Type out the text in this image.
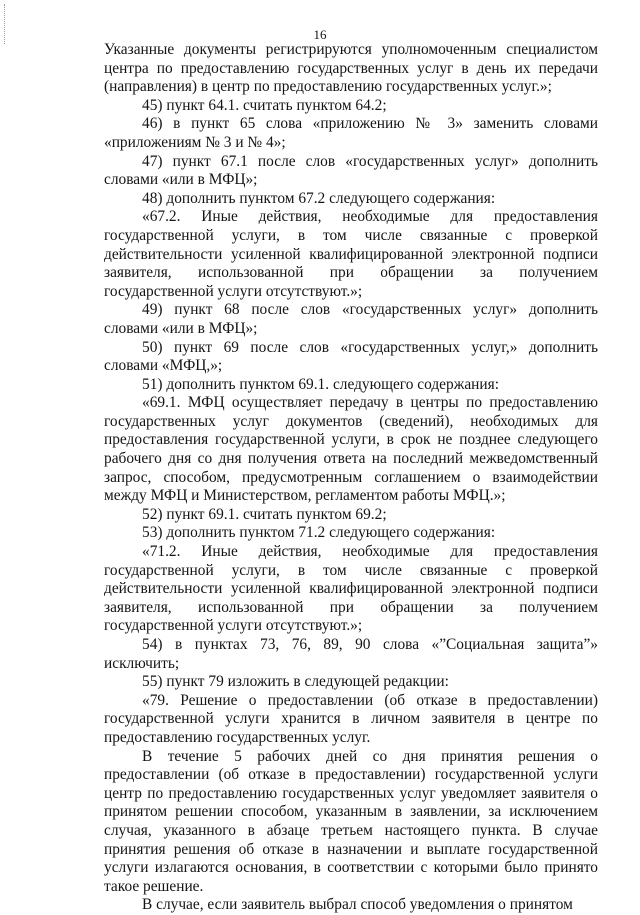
16

Указанные документы регистрируются уполномоченным специалистом центра по предоставлению государственных услуг в день их передачи (направления) в центр по предоставлению государственных услуг.»;

45) пункт 64.1. считать пунктом 64.2;

46) в пункт 65 слова «приложению № 3» заменить словами «приложениям № 3 и № 4»;

47) пункт 67.1 после слов «государственных услуг» дополнить словами «или в МФЦ»;

48) дополнить пунктом 67.2 следующего содержания:

«67.2. Иные действия, необходимые для предоставления государственной услуги, в том числе связанные с проверкой действительности усиленной квалифицированной электронной подписи заявителя, использованной при обращении за получением государственной услуги отсутствуют.»;

49) пункт 68 после слов «государственных услуг» дополнить словами «или в МФЦ»;

50) пункт 69 после слов «государственных услуг,» дополнить словами «МФЦ,»;

51) дополнить пунктом 69.1. следующего содержания:

«69.1. МФЦ осуществляет передачу в центры по предоставлению государственных услуг документов (сведений), необходимых для предоставления государственной услуги, в срок не позднее следующего рабочего дня со дня получения ответа на последний межведомственный запрос, способом, предусмотренным соглашением о взаимодействии между МФЦ и Министерством, регламентом работы МФЦ.»;

52) пункт 69.1. считать пунктом 69.2;

53) дополнить пунктом 71.2 следующего содержания:

«71.2. Иные действия, необходимые для предоставления государственной услуги, в том числе связанные с проверкой действительности усиленной квалифицированной электронной подписи заявителя, использованной при обращении за получением государственной услуги отсутствуют.»;

54) в пунктах 73, 76, 89, 90 слова «”Социальная защита”» исключить;

55) пункт 79 изложить в следующей редакции:

«79. Решение о предоставлении (об отказе в предоставлении) государственной услуги хранится в личном заявителя в центре по предоставлению государственных услуг.

В течение 5 рабочих дней со дня принятия решения о предоставлении (об отказе в предоставлении) государственной услуги центр по предоставлению государственных услуг уведомляет заявителя о принятом решении способом, указанным в заявлении, за исключением случая, указанного в абзаце третьем настоящего пункта. В случае принятия решения об отказе в назначении и выплате государственной услуги излагаются основания, в соответствии с которыми было принято такое решение.

В случае, если заявитель выбрал способ уведомления о принятом
